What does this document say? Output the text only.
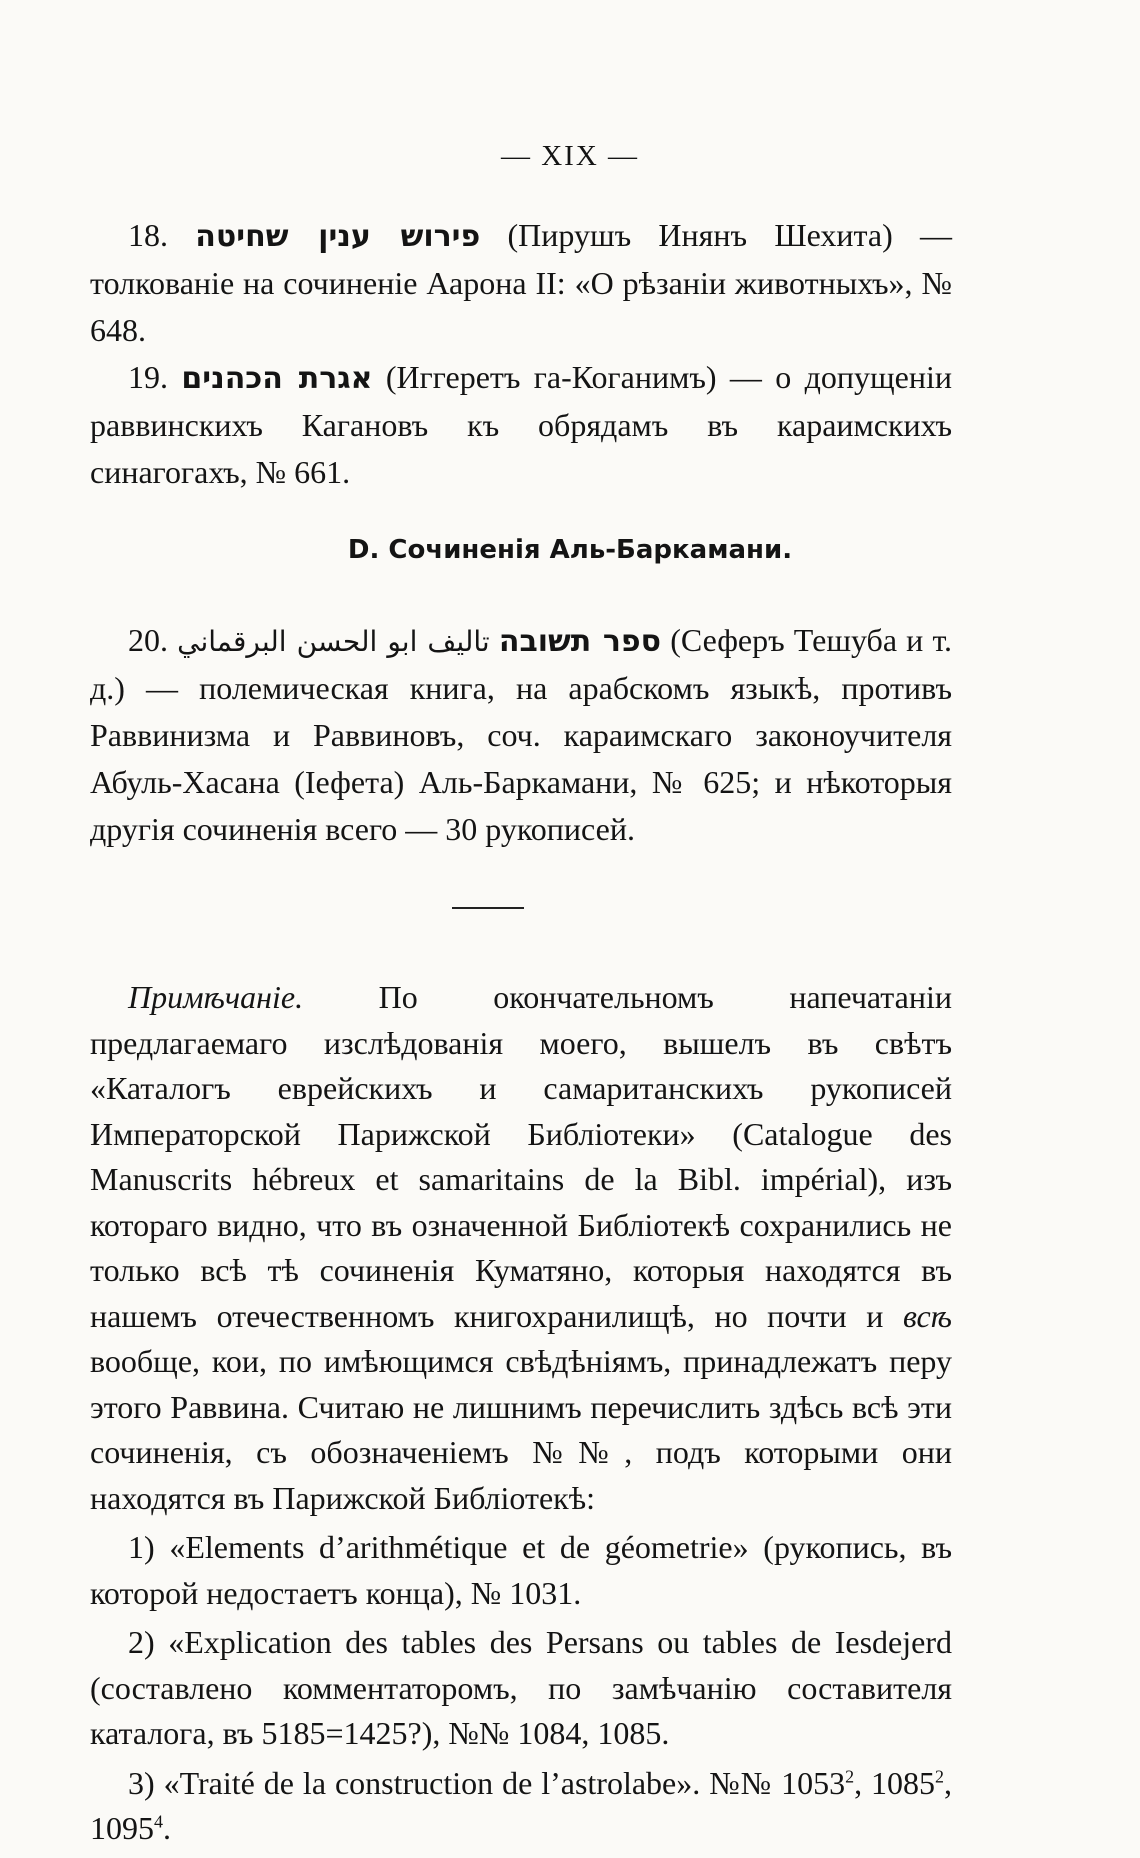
— XIX —

18. פירוש ענין שחיטה (Пирушъ Инянъ Шехита) — толкованіе на сочиненіе Аарона II: «О рѣзаніи животныхъ», № 648.

19. אגרת הכהנים (Иггеретъ га-Коганимъ) — о допущеніи раввинскихъ Кагановъ къ обрядамъ въ караимскихъ синагогахъ, № 661.

D. Сочиненія Аль-Баркамани.

20. تاليف ابو الحسن البرقماني ספר תשובה (Сеферъ Тешуба и т. д.) — полемическая книга, на арабскомъ языкѣ, противъ Раввинизма и Раввиновъ, соч. караимскаго законоучителя Абуль-Хасана (Іефета) Аль-Баркамани, № 625; и нѣкоторыя другія сочиненія всего — 30 рукописей.

Примѣчаніе. По окончательномъ напечатаніи предлагаемаго изслѣдованія моего, вышелъ въ свѣтъ «Каталогъ еврейскихъ и самаританскихъ рукописей Императорской Парижской Библіотеки» (Catalogue des Manuscrits hébreux et samaritains de la Bibl. impérial), изъ котораго видно, что въ означенной Библіотекѣ сохранились не только всѣ тѣ сочиненія Куматяно, которыя находятся въ нашемъ отечественномъ книгохранилищѣ, но почти и всѣ вообще, кои, по имѣющимся свѣдѣніямъ, принадлежатъ перу этого Раввина. Считаю не лишнимъ перечислить здѣсь всѣ эти сочиненія, съ обозначеніемъ №№, подъ которыми они находятся въ Парижской Библіотекѣ:

1) «Elements d’arithmétique et de géometrie» (рукопись, въ которой недостаетъ конца), № 1031.

2) «Explication des tables des Persans ou tables de Iesdejerd (составлено комментаторомъ, по замѣчанію составителя каталога, въ 5185=1425?), №№ 1084, 1085.

3) «Traité de la construction de l’astrolabe». №№ 1053$^2$, 1085$^2$, 1095$^4$.
